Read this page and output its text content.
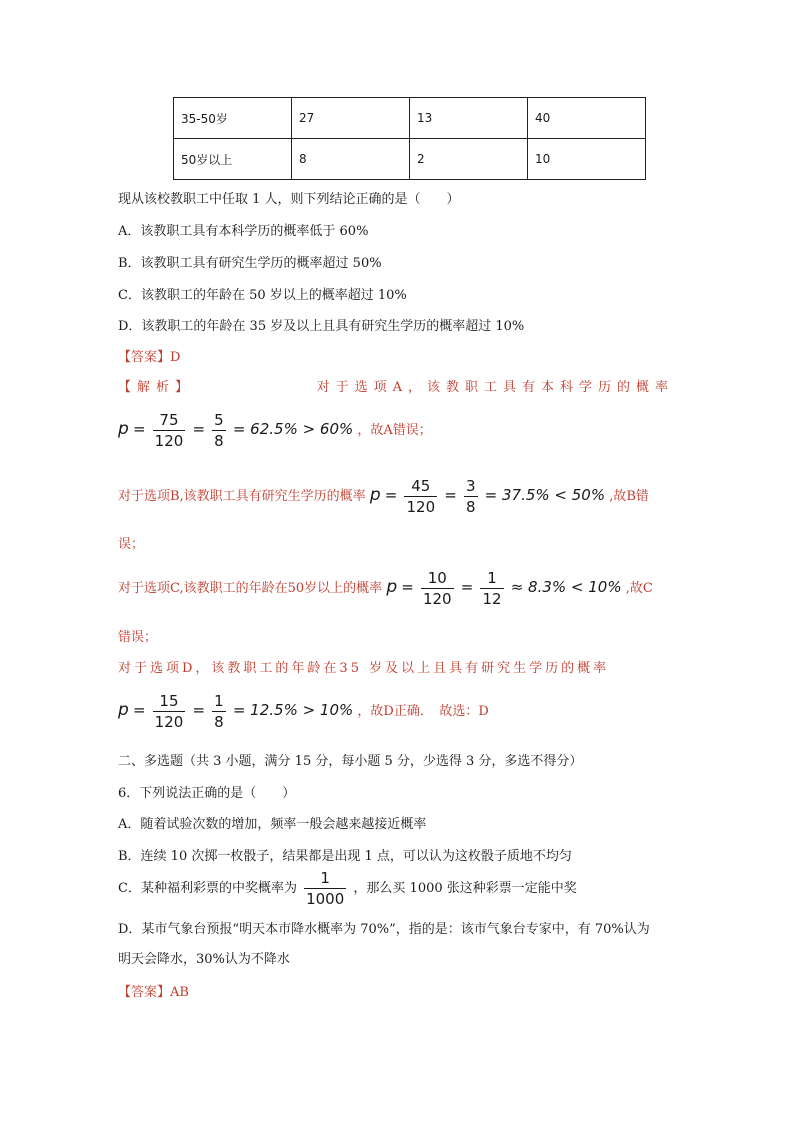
35-50岁	27	13	40
50岁以上	8	2	10
现从该校教职工中任取 1 人，则下列结论正确的是（　　）
A．该教职工具有本科学历的概率低于 60%
B．该教职工具有研究生学历的概率超过 50%
C．该教职工的年龄在 50 岁以上的概率超过 10%
D．该教职工的年龄在 35 岁及以上且具有研究生学历的概率超过 10%
【答案】D
【解析】	对于选项A，该教职工具有本科学历的概率
$p = \frac{75}{120} = \frac{5}{8} = 62.5\% > 60\%$ ，故A错误；
对于选项B,该教职工具有研究生学历的概率 $p = \frac{45}{120} = \frac{3}{8} = 37.5\% < 50\%$ ,故B错
误；
对于选项C,该教职工的年龄在50岁以上的概率 $p = \frac{10}{120} = \frac{1}{12} \approx 8.3\% < 10\%$ ,故C
错误；
对于选项D，该教职工的年龄在35 岁及以上且具有研究生学历的概率
$p = \frac{15}{120} = \frac{1}{8} = 12.5\% > 10\%$ ，故D正确．　故选：D
二、多选题（共 3 小题，满分 15 分，每小题 5 分，少选得 3 分，多选不得分）
6．下列说法正确的是（　　）
A．随着试验次数的增加，频率一般会越来越接近概率
B．连续 10 次掷一枚骰子，结果都是出现 1 点，可以认为这枚骰子质地不均匀
C．某种福利彩票的中奖概率为 $\frac{1}{1000}$ ，那么买 1000 张这种彩票一定能中奖
D．某市气象台预报“明天本市降水概率为 70%”，指的是：该市气象台专家中，有 70%认为
明天会降水，30%认为不降水
【答案】AB
